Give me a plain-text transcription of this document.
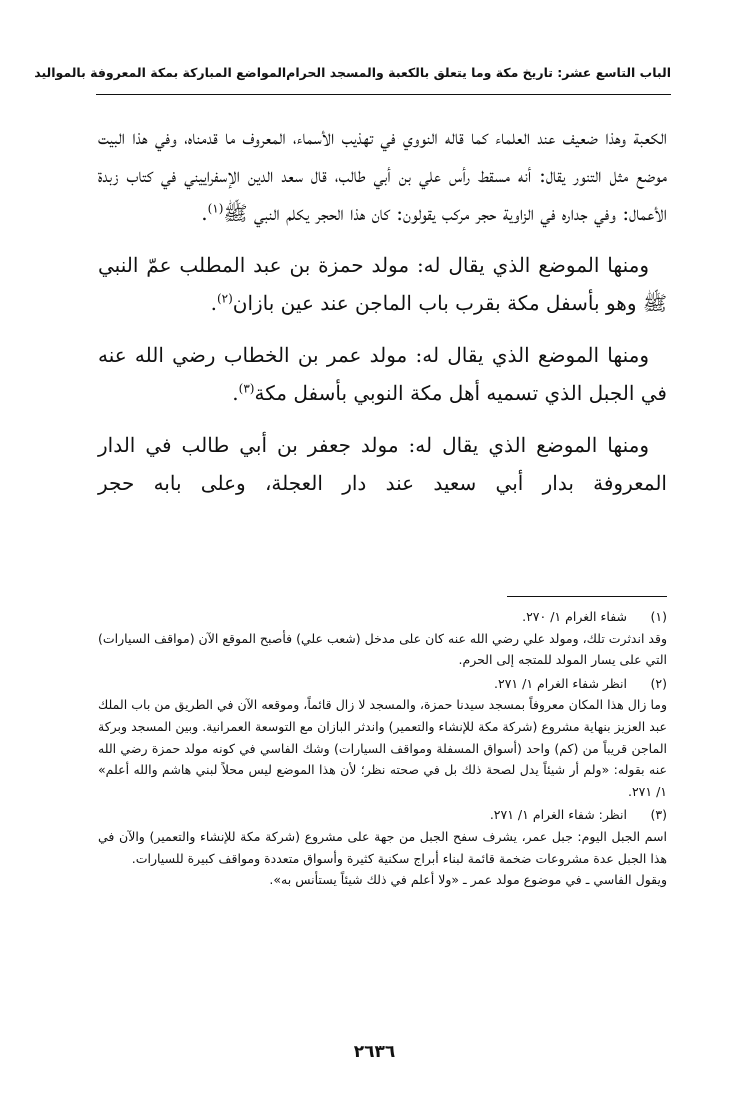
الباب التاسع عشر: تاريخ مكة وما يتعلق بالكعبة والمسجد الحرام
المواضع المباركة بمكة المعروفة بالمواليد

الكعبة وهذا ضعيف عند العلماء كما قاله النووي في تهذيب الأسماء، المعروف ما قدمناه، وفي هذا البيت موضع مثل التنور يقال: أنه مسقط رأس علي بن أبي طالب، قال سعد الدين الإسفراييني في كتاب زبدة الأعمال: وفي جداره في الزاوية حجر مركب يقولون: كان هذا الحجر يكلم النبي ﷺ$^{(١)}$.

ومنها الموضع الذي يقال له: مولد حمزة بن عبد المطلب عمّ النبي ﷺ وهو بأسفل مكة بقرب باب الماجن عند عين بازان$^{(٢)}$.

ومنها الموضع الذي يقال له: مولد عمر بن الخطاب رضي الله عنه في الجبل الذي تسميه أهل مكة النوبي بأسفل مكة$^{(٣)}$.

ومنها الموضع الذي يقال له: مولد جعفر بن أبي طالب في الدار المعروفة بدار أبي سعيد عند دار العجلة، وعلى بابه حجر

(١)
شفاء الغرام ١/ ٢٧٠.
وقد اندثرت تلك، ومولد علي رضي الله عنه كان على مدخل (شعب علي) فأصبح الموقع الآن (مواقف السيارات) التي على يسار المولد للمتجه إلى الحرم.
(٢)
انظر شفاء الغرام ١/ ٢٧١.
وما زال هذا المكان معروفاً بمسجد سيدنا حمزة، والمسجد لا زال قائماً، وموقعه الآن في الطريق من باب الملك عبد العزيز بنهاية مشروع (شركة مكة للإنشاء والتعمير) واندثر البازان مع التوسعة العمرانية. وبين المسجد وبركة الماجن قريباً من (كم) واحد (أسواق المسفلة ومواقف السيارات) وشك الفاسي في كونه مولد حمزة رضي الله عنه بقوله: «ولم أر شيئاً يدل لصحة ذلك بل في صحته نظر؛ لأن هذا الموضع ليس محلاً لبني هاشم والله أعلم» ١/ ٢٧١.
(٣)
انظر: شفاء الغرام ١/ ٢٧١.
اسم الجبل اليوم: جبل عمر، يشرف سفح الجبل من جهة على مشروع (شركة مكة للإنشاء والتعمير) والآن في هذا الجبل عدة مشروعات ضخمة قائمة لبناء أبراج سكنية كثيرة وأسواق متعددة ومواقف كبيرة للسيارات.
ويقول الفاسي ـ في موضوع مولد عمر ـ «ولا أعلم في ذلك شيئاً يستأنس به».
٢٦٣٦
